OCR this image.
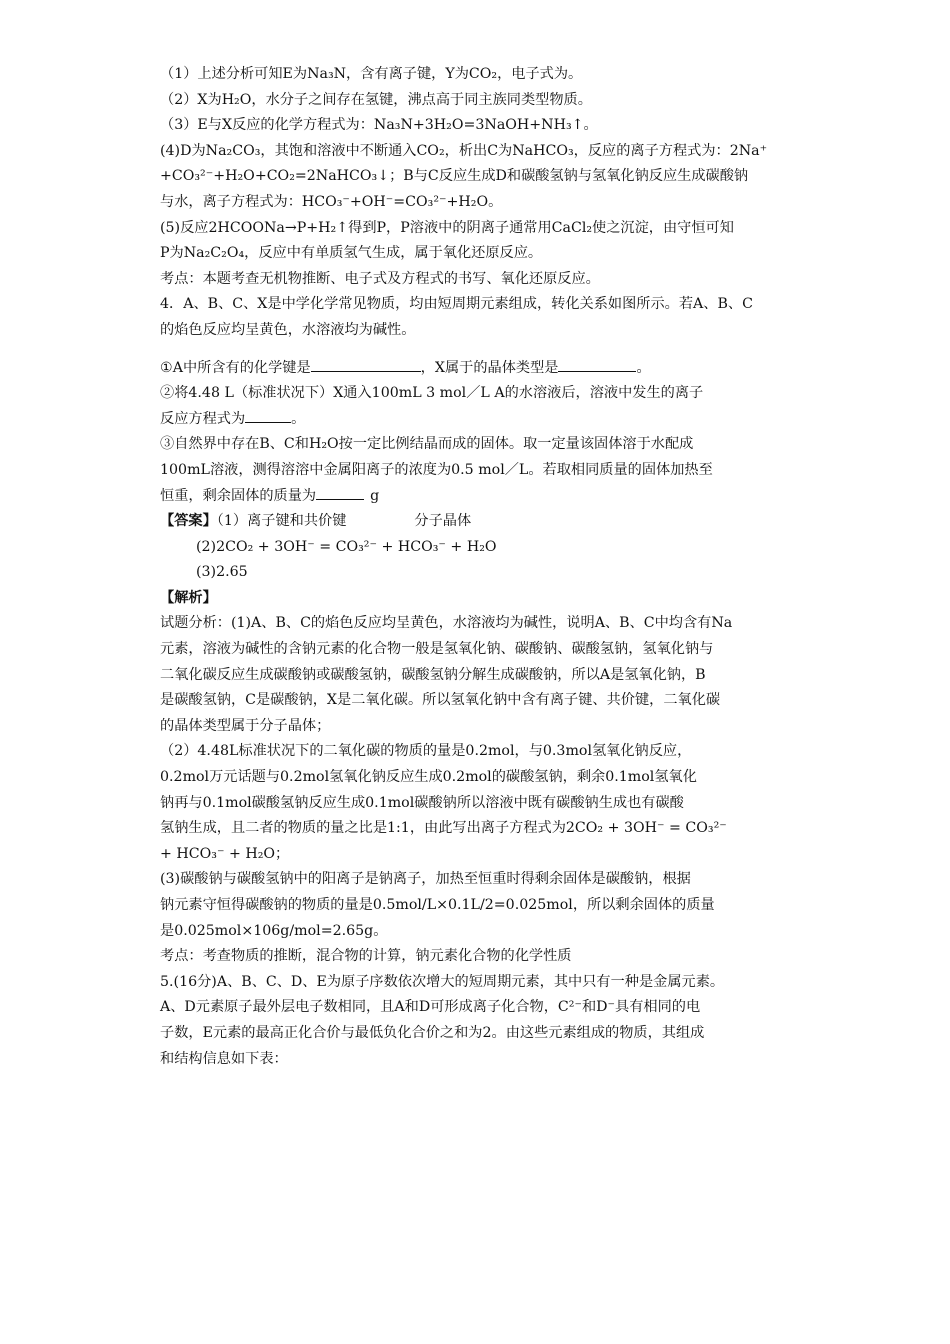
（1）上述分析可知E为Na₃N，含有离子键，Y为CO₂，电子式为。
（2）X为H₂O，水分子之间存在氢键，沸点高于同主族同类型物质。
（3）E与X反应的化学方程式为：Na₃N+3H₂O=3NaOH+NH₃↑。
(4)D为Na₂CO₃，其饱和溶液中不断通入CO₂，析出C为NaHCO₃，反应的离子方程式为：2Na⁺
+CO₃²⁻+H₂O+CO₂=2NaHCO₃↓；B与C反应生成D和碳酸氢钠与氢氧化钠反应生成碳酸钠
与水，离子方程式为：HCO₃⁻+OH⁻=CO₃²⁻+H₂O。
(5)反应2HCOONa→P+H₂↑得到P，P溶液中的阴离子通常用CaCl₂使之沉淀，由守恒可知
P为Na₂C₂O₄，反应中有单质氢气生成，属于氧化还原反应。
考点：本题考查无机物推断、电子式及方程式的书写、氧化还原反应。
4．A、B、C、X是中学化学常见物质，均由短周期元素组成，转化关系如图所示。若A、B、C
的焰色反应均呈黄色，水溶液均为碱性。
①A中所含有的化学键是	，X属于的晶体类型是	。
②将4.48 L（标准状况下）X通入100mL 3 mol／L A的水溶液后，溶液中发生的离子
反应方程式为	。
③自然界中存在B、C和H₂O按一定比例结晶而成的固体。取一定量该固体溶于水配成
100mL溶液，测得溶溶中金属阳离子的浓度为0.5 mol／L。若取相同质量的固体加热至
恒重，剩余固体的质量为	g
【答案】（1）离子键和共价键	分子晶体
(2)2CO₂ + 3OH⁻ = CO₃²⁻ + HCO₃⁻ + H₂O
(3)2.65
【解析】
试题分析：(1)A、B、C的焰色反应均呈黄色，水溶液均为碱性，说明A、B、C中均含有Na
元素，溶液为碱性的含钠元素的化合物一般是氢氧化钠、碳酸钠、碳酸氢钠，氢氧化钠与
二氧化碳反应生成碳酸钠或碳酸氢钠，碳酸氢钠分解生成碳酸钠，所以A是氢氧化钠，B
是碳酸氢钠，C是碳酸钠，X是二氧化碳。所以氢氧化钠中含有离子键、共价键，二氧化碳
的晶体类型属于分子晶体；
（2）4.48L标准状况下的二氧化碳的物质的量是0.2mol，与0.3mol氢氧化钠反应，
0.2mol万元话题与0.2mol氢氧化钠反应生成0.2mol的碳酸氢钠，剩余0.1mol氢氧化
钠再与0.1mol碳酸氢钠反应生成0.1mol碳酸钠所以溶液中既有碳酸钠生成也有碳酸
氢钠生成，且二者的物质的量之比是1:1，由此写出离子方程式为2CO₂ + 3OH⁻ = CO₃²⁻
+ HCO₃⁻ + H₂O；
(3)碳酸钠与碳酸氢钠中的阳离子是钠离子，加热至恒重时得剩余固体是碳酸钠，根据
钠元素守恒得碳酸钠的物质的量是0.5mol/L×0.1L/2=0.025mol，所以剩余固体的质量
是0.025mol×106g/mol=2.65g。
考点：考查物质的推断，混合物的计算，钠元素化合物的化学性质
5.(16分)A、B、C、D、E为原子序数依次增大的短周期元素，其中只有一种是金属元素。
A、D元素原子最外层电子数相同，且A和D可形成离子化合物，C²⁻和D⁻具有相同的电
子数，E元素的最高正化合价与最低负化合价之和为2。由这些元素组成的物质，其组成
和结构信息如下表：
